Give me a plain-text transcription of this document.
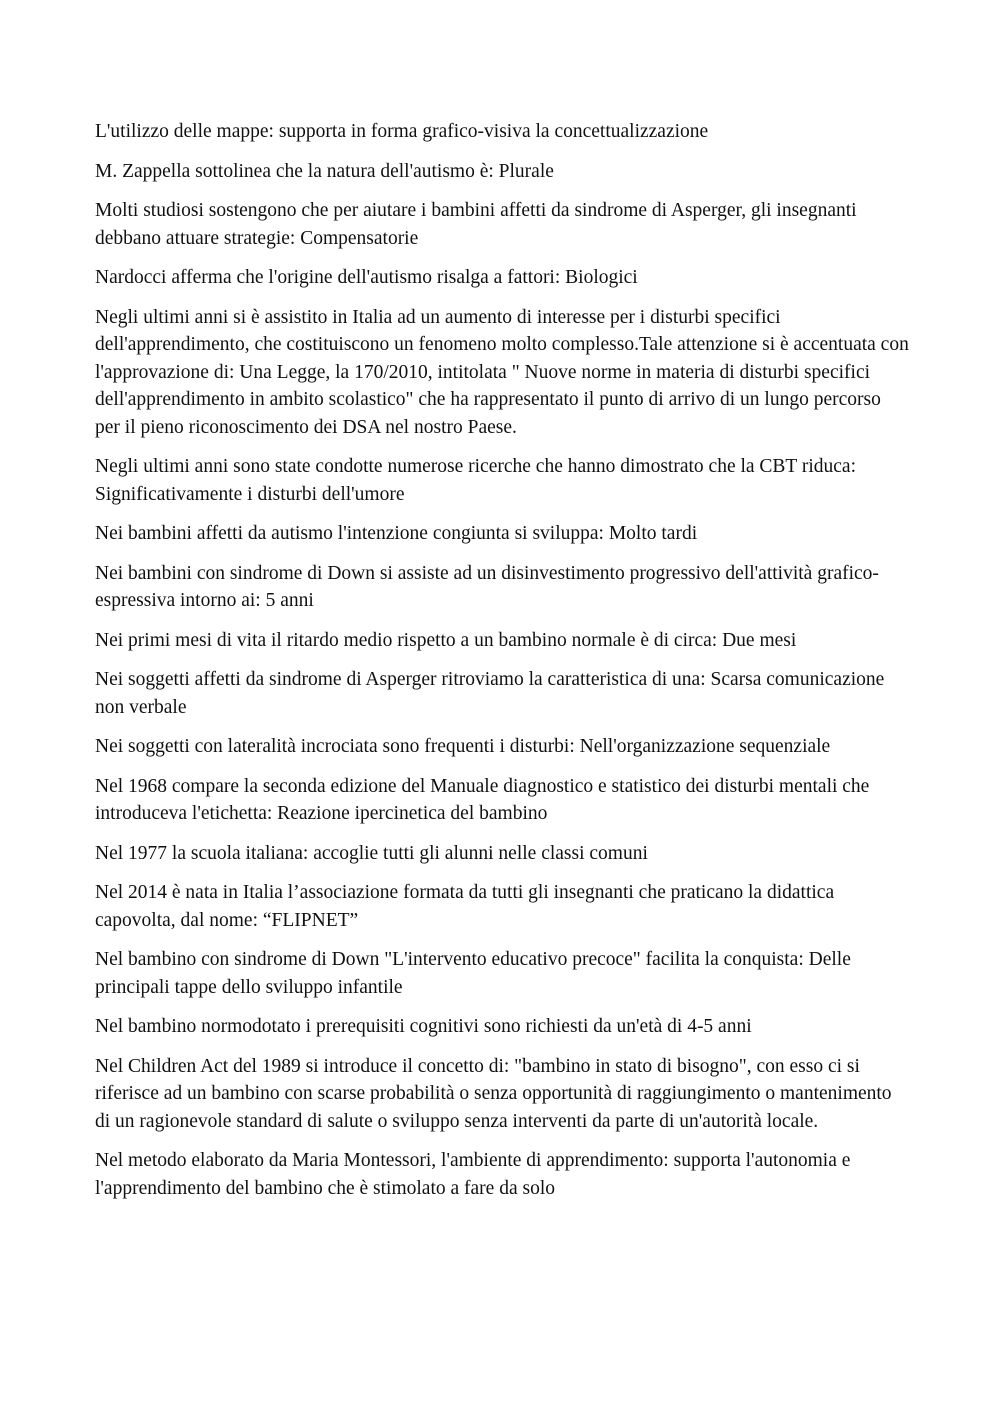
L'utilizzo delle mappe: supporta in forma grafico-visiva la concettualizzazione

M. Zappella sottolinea che la natura dell'autismo è: Plurale

Molti studiosi sostengono che per aiutare i bambini affetti da sindrome di Asperger, gli insegnanti debbano attuare strategie: Compensatorie

Nardocci afferma che l'origine dell'autismo risalga a fattori: Biologici

Negli ultimi anni si è assistito in Italia ad un aumento di interesse per i disturbi specifici dell'apprendimento, che costituiscono un fenomeno molto complesso.Tale attenzione si è accentuata con l'approvazione di: Una Legge, la 170/2010, intitolata " Nuove norme in materia di disturbi specifici dell'apprendimento in ambito scolastico" che ha rappresentato il punto di arrivo di un lungo percorso per il pieno riconoscimento dei DSA nel nostro Paese.

Negli ultimi anni sono state condotte numerose ricerche che hanno dimostrato che la CBT riduca: Significativamente i disturbi dell'umore

Nei bambini affetti da autismo l'intenzione congiunta si sviluppa: Molto tardi

Nei bambini con sindrome di Down si assiste ad un disinvestimento progressivo dell'attività grafico-espressiva intorno ai: 5 anni

Nei primi mesi di vita il ritardo medio rispetto a un bambino normale è di circa: Due mesi

Nei soggetti affetti da sindrome di Asperger ritroviamo la caratteristica di una: Scarsa comunicazione non verbale

Nei soggetti con lateralità incrociata sono frequenti i disturbi: Nell'organizzazione sequenziale

Nel 1968 compare la seconda edizione del Manuale diagnostico e statistico dei disturbi mentali che introduceva l'etichetta: Reazione ipercinetica del bambino

Nel 1977 la scuola italiana: accoglie tutti gli alunni nelle classi comuni

Nel 2014 è nata in Italia l’associazione formata da tutti gli insegnanti che praticano la didattica capovolta, dal nome: “FLIPNET”

Nel bambino con sindrome di Down "L'intervento educativo precoce" facilita la conquista: Delle principali tappe dello sviluppo infantile

Nel bambino normodotato i prerequisiti cognitivi sono richiesti da un'età di 4-5 anni

Nel Children Act del 1989 si introduce il concetto di: "bambino in stato di bisogno", con esso ci si riferisce ad un bambino con scarse probabilità o senza opportunità di raggiungimento o mantenimento di un ragionevole standard di salute o sviluppo senza interventi da parte di un'autorità locale.

Nel metodo elaborato da Maria Montessori, l'ambiente di apprendimento: supporta l'autonomia e l'apprendimento del bambino che è stimolato a fare da solo
